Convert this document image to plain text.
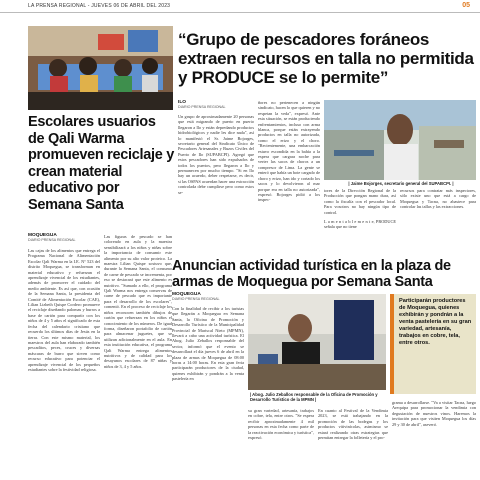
LA PRENSA REGIONAL - JUEVES 06 DE ABRIL DEL 2023	05
Escolares usuarios de Qali Warma promueven reciclaje y crean material educativo por Semana Santa
MOQUEGUA
DIARIO PRENSA REGIONAL
Las cajas de los alimentos que entrega el Programa Nacional de Alimentación Escolar Qali Warma en la I.E. N° 523 del distrito Moquegua, se transforman en material educativo y refuerzan el aprendizaje vivencial de los estudiantes, además de promover el cuidado del medio ambiente. Es así que, con ocasión de la Semana Santa, la presidenta del Comité de Alimentación Escolar (CAE), Lilian Lizbeth Quispe Cordero promueve el reciclaje diseñando palomas y burros a base de cartón para compartir con los niños de 4 y 5 años el significado de esta fecha del calendario cristiano que recuerda los últimos días de Jesús en la tierra. Con este mismo material, los maestros del aula han elaborado también pescaditos, peces, cruces y diversas máscaras de burro que sirven como recurso educativo para potenciar el aprendizaje vivencial de los pequeños estudiantes sobre la festividad religiosa.
Las figuras de pescado se han coloreado en aula y la maestra sensibilizará a los niños y niñas sobre la importancia de consumir este alimento por su alto valor proteico. La maestra Lilian Quispe sostuvo que, durante la Semana Santa, el consumo de carne de pescado se incrementa, por eso se destacará que este alimento es nutritivo. "Sumado a ello, el programa Qali Warma nos entrega conservas de carne de pescado que es importante para el desarrollo de los escolares", comentó. En el proceso de reciclaje los niños reconocen también dibujos de cartón que refuerzan en los niños el conocimiento de los números. De igual forma, diseñaron portafolio de cartón para almacenar juguetes, que se utilizan adicionalmente en el aula. En esta institución educativa, el programa Qali Warma entrega alimentos nutritivos y de calidad para los desayunos escolares de 87 niñas y niños de 3, 4 y 5 años.
“Grupo de pescadores foráneos extraen recursos en talla no permitida y PRODUCE se lo permite”
ILO
DIARIO PRENSA REGIONAL
Un grupo de aproximadamente 20 personas que está migrando de puerto en puerto llegaron a Ilo y están depredando productos hidrobiológicos y nadie les dice nada", así lo manifestó el Sr. Jaime Bojorges, secretario general del Sindicato Único de Pescadores Artesanales y Buzos Civiles del Puerto de Ilo (SUPABCPI). Agregó que estos pescadores han sido expulsados de todos los puertos, pero llegaron a Ilo y permanecen por mucho tiempo. "Si en Ilo hay un acuerdo, deber respetarse, es decir, si las OSPAS acuerdan hacer una extracción controlada debe cumplirse pero como estos se-
ñores no pertenecen a ningún sindicato, hacen lo que quieren y no respetan la veda", expresó. Ante esta situación, se están produciendo enfrentamientos, incluso con arma blanca, porque están extrayendo productos en talla no autorizada, como el erizo y el choro. "Recientemente, una embarcación estuvo escondida en la bahía a la espera que cargara noche para verter las sacos de choros a un compresor de Lima. La gente se enteró que había un bote cargado de choro y erizo, han ido y cortado los sacos y lo devolvieron al mar porque era en talla no autorizada", expresó. Bojorges pidió a los inspec-
| Jaime Bojorges, secretario general del SUPABCPI. |
tores de la Dirección Regional de la Producción que pongan mano dura, así como la fiscalía con el pescador local. Para vosotros no hay ningún tipo de control.
L a m e n t a b l e m e n t e, PRODUCE señala que no tiene
recursos para contratar más inspectores, sólo existe uno que está a cargo de Moquegua y Tacna, no abastece para controlar las tallas y las extracciones.
Anuncian actividad turística en la plaza de armas de Moquegua por Semana Santa
MOQUEGUA
DIARIO PRENSA REGIONAL
Con la finalidad de recibir a los turistas que llegarán a Moquegua en Semana Santa, la Oficina de Promoción y Desarrollo Turístico de la Municipalidad Provincial de Mariscal Nieto (MPMN), llevará a cabo una actividad turística. El Abog. Julio Zeballos responsable del sector, informó que el evento se desarrollará el día jueves 6 de abril en la plaza de armas de Moquegua de 08:00 horas a 14:00 horas. En esta gran feria participarán productores de la ciudad, quienes exhibirán y pondrán a la venta pastelería en
| Abog. Julio Zeballos responsable de la Oficina de Promoción y Desarrollo Turístico de la MPMN |
Participarán productores de Moquegua, quienes exhibirán y pondrán a la venta pastelería en su gran variedad, artesanía, trabajos en cobre, tela, entre otros.
su gran variedad, artesanía, trabajos en cobre, tela, entre otros. "Se espera recibir aproximadamente 4 mil personas en esta fecha como parte de la reactivación económica y turística", expresó.
En cuanto al Festival de la Vendimia 2023, se está trabajando en la promoción de las bodegas y los productos vitivinícolas, asimismo se estará realizando otras estrategias que permitan entregar la folletería y el pro-
grama a desarrollarse. "Va a visitar Tacna, luego Arequipa para promocionar la vendimia con degustación de nuestros vinos. Haremos la invitación para que visiten Moquegua los días 29 y 30 de abril", aseveró.
